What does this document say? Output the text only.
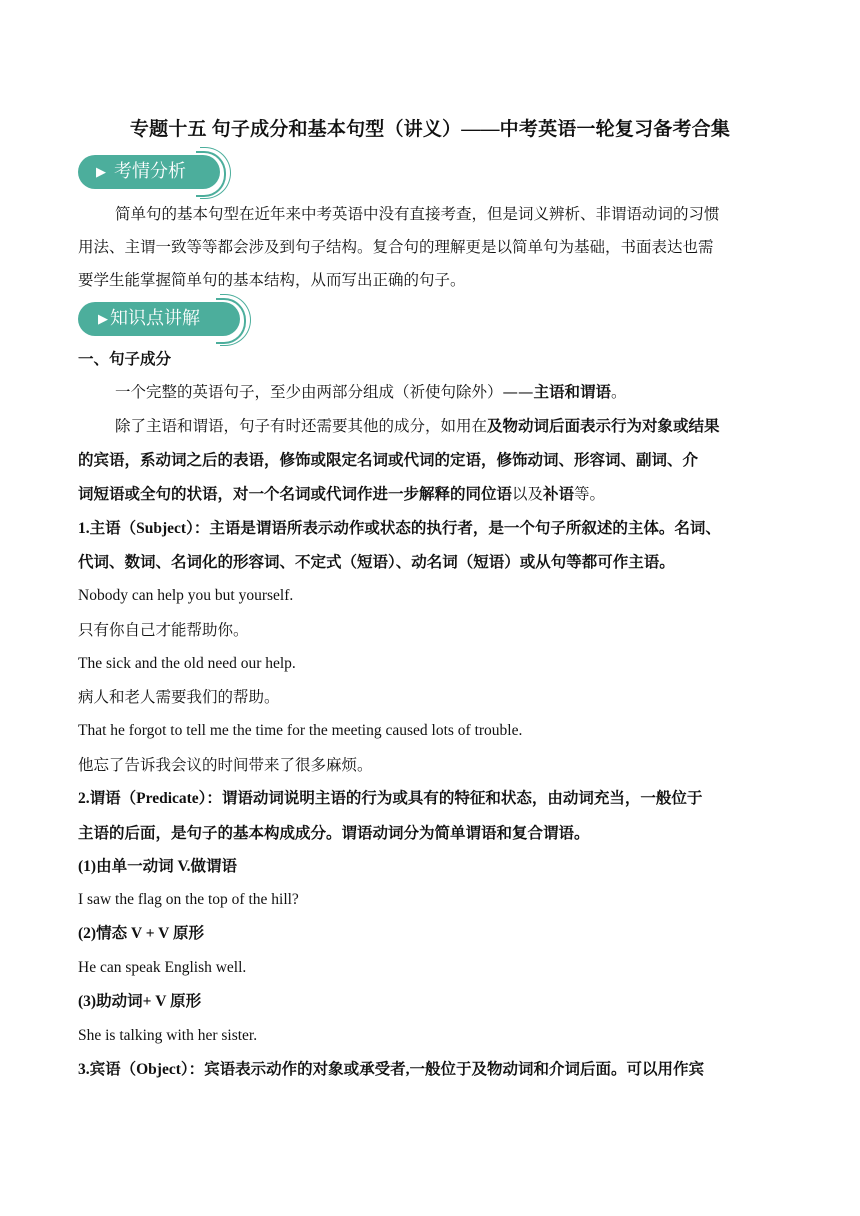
专题十五 句子成分和基本句型（讲义）——中考英语一轮复习备考合集
▶ 考情分析

简单句的基本句型在近年来中考英语中没有直接考查，但是词义辨析、非谓语动词的习惯

用法、主谓一致等等都会涉及到句子结构。复合句的理解更是以简单句为基础，书面表达也需

要学生能掌握简单句的基本结构，从而写出正确的句子。

▶ 知识点讲解

一、句子成分

一个完整的英语句子，至少由两部分组成（祈使句除外）——主语和谓语。

除了主语和谓语，句子有时还需要其他的成分，如用在及物动词后面表示行为对象或结果

的宾语，系动词之后的表语，修饰或限定名词或代词的定语，修饰动词、形容词、副词、介

词短语或全句的状语，对一个名词或代词作进一步解释的同位语以及补语等。

1.主语（Subject）：主语是谓语所表示动作或状态的执行者，是一个句子所叙述的主体。名词、

代词、数词、名词化的形容词、不定式（短语）、动名词（短语）或从句等都可作主语。

Nobody can help you but yourself.

只有你自己才能帮助你。

The sick and the old need our help.

病人和老人需要我们的帮助。

That he forgot to tell me the time for the meeting caused lots of trouble.

他忘了告诉我会议的时间带来了很多麻烦。

2.谓语（Predicate）：谓语动词说明主语的行为或具有的特征和状态，由动词充当，一般位于

主语的后面，是句子的基本构成成分。谓语动词分为简单谓语和复合谓语。

(1)由单一动词 V.做谓语

I saw the flag on the top of the hill?

(2)情态 V + V 原形

He can speak English well.

(3)助动词+ V 原形

She is talking with her sister.

3.宾语（Object）：宾语表示动作的对象或承受者,一般位于及物动词和介词后面。可以用作宾
